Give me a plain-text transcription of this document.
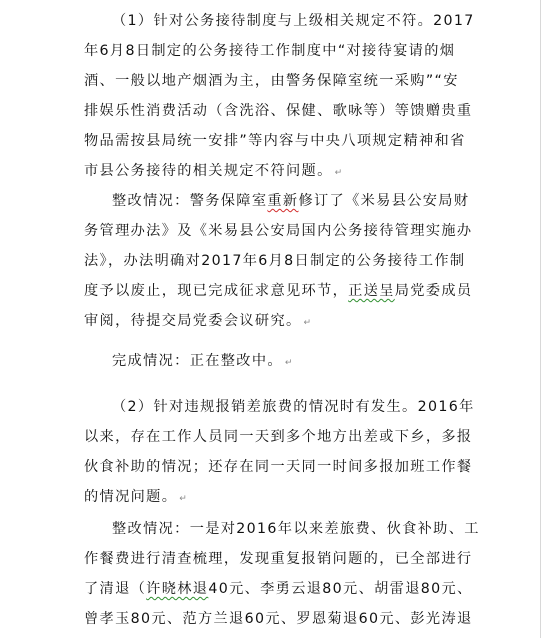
（1）针对公务接待制度与上级相关规定不符。2017
年6月8日制定的公务接待工作制度中“对接待宴请的烟
酒、一般以地产烟酒为主，由警务保障室统一采购”“安
排娱乐性消费活动（含洗浴、保健、歌咏等）等馈赠贵重
物品需按县局统一安排”等内容与中央八项规定精神和省
市县公务接待的相关规定不符问题。 ↵
整改情况：警务保障室重新修订了《米易县公安局财
务管理办法》及《米易县公安局国内公务接待管理实施办
法》，办法明确对2017年6月8日制定的公务接待工作制
度予以废止，现已完成征求意见环节，正送呈局党委成员
审阅，待提交局党委会议研究。 ↵
完成情况：正在整改中。 ↵
（2）针对违规报销差旅费的情况时有发生。2016年
以来，存在工作人员同一天到多个地方出差或下乡，多报
伙食补助的情况；还存在同一天同一时间多报加班工作餐
的情况问题。 ↵
整改情况：一是对2016年以来差旅费、伙食补助、工
作餐费进行清查梳理，发现重复报销问题的，已全部进行
了清退（许晓林退40元、李勇云退80元、胡雷退80元、
曾孝玉80元、范方兰退60元、罗恩菊退60元、彭光涛退
